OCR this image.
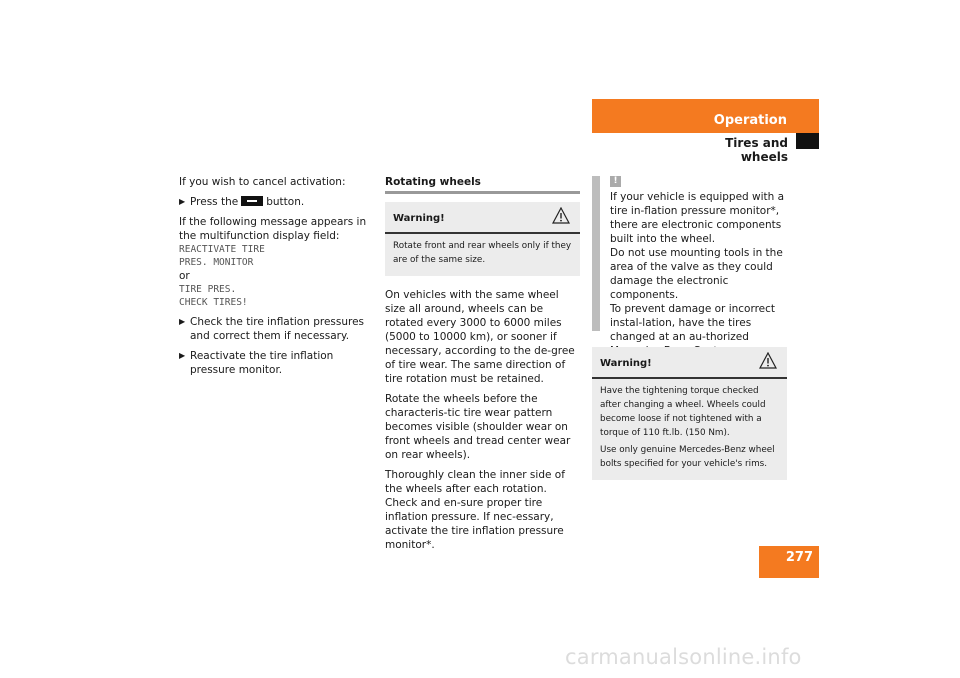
Operation
Tires and wheels

If you wish to cancel activation:

▶ Press the	button.

If the following message appears in the multifunction display field:

REACTIVATE TIRE
PRES. MONITOR
or
TIRE PRES.
CHECK TIRES!
▶ Check the tire inflation pressures and correct them if necessary.
▶ Reactivate the tire inflation pressure monitor.
Rotating wheels
Warning!

Rotate front and rear wheels only if they are of the same size.

On vehicles with the same wheel size all around, wheels can be rotated every 3000 to 6000 miles (5000 to 10000 km), or sooner if necessary, according to the de-gree of tire wear. The same direction of tire rotation must be retained.

Rotate the wheels before the characteris-tic tire wear pattern becomes visible (shoulder wear on front wheels and tread center wear on rear wheels).

Thoroughly clean the inner side of the wheels after each rotation. Check and en-sure proper tire inflation pressure. If nec-essary, activate the tire inflation pressure monitor*.

!
If your vehicle is equipped with a tire in-flation pressure monitor*, there are electronic components built into the wheel.
Do not use mounting tools in the area of the valve as they could damage the electronic components.
To prevent damage or incorrect instal-lation, have the tires changed at an au-thorized
Warning!

Have the tightening torque checked after changing a wheel. Wheels could become loose if not tightened with a torque of 110 ft.lb. (150 Nm).

Use only genuine Mercedes-Benz wheel bolts specified for your vehicle's rims.

277
carmanualsonline.info
